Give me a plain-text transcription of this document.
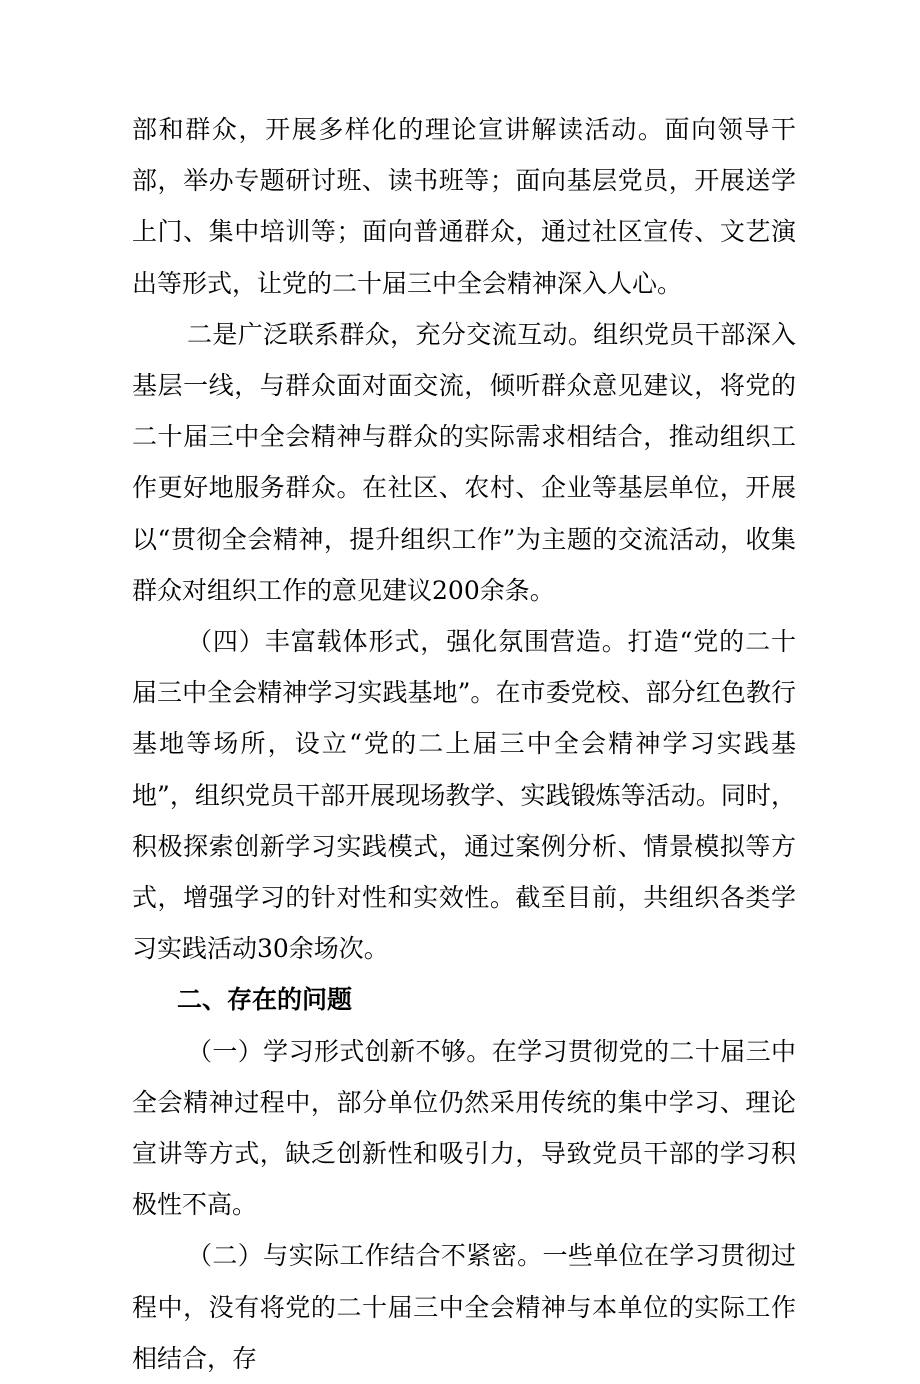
部和群众，开展多样化的理论宣讲解读活动。面向领导干部，举办专题研讨班、读书班等；面向基层党员，开展送学上门、集中培训等；面向普通群众，通过社区宣传、文艺演出等形式，让党的二十届三中全会精神深入人心。

二是广泛联系群众，充分交流互动。组织党员干部深入基层一线，与群众面对面交流，倾听群众意见建议，将党的二十届三中全会精神与群众的实际需求相结合，推动组织工作更好地服务群众。在社区、农村、企业等基层单位，开展以“贯彻全会精神，提升组织工作”为主题的交流活动，收集群众对组织工作的意见建议200余条。

（四）丰富载体形式，强化氛围营造。打造“党的二十届三中全会精神学习实践基地”。在市委党校、部分红色教行基地等场所，设立“党的二上届三中全会精神学习实践基地”，组织党员干部开展现场教学、实践锻炼等活动。同时，积极探索创新学习实践模式，通过案例分析、情景模拟等方式，增强学习的针对性和实效性。截至目前，共组织各类学习实践活动30余场次。

二、存在的问题

（一）学习形式创新不够。在学习贯彻党的二十届三中全会精神过程中，部分单位仍然采用传统的集中学习、理论宣讲等方式，缺乏创新性和吸引力，导致党员干部的学习积极性不高。

（二）与实际工作结合不紧密。一些单位在学习贯彻过程中，没有将党的二十届三中全会精神与本单位的实际工作相结合，存
